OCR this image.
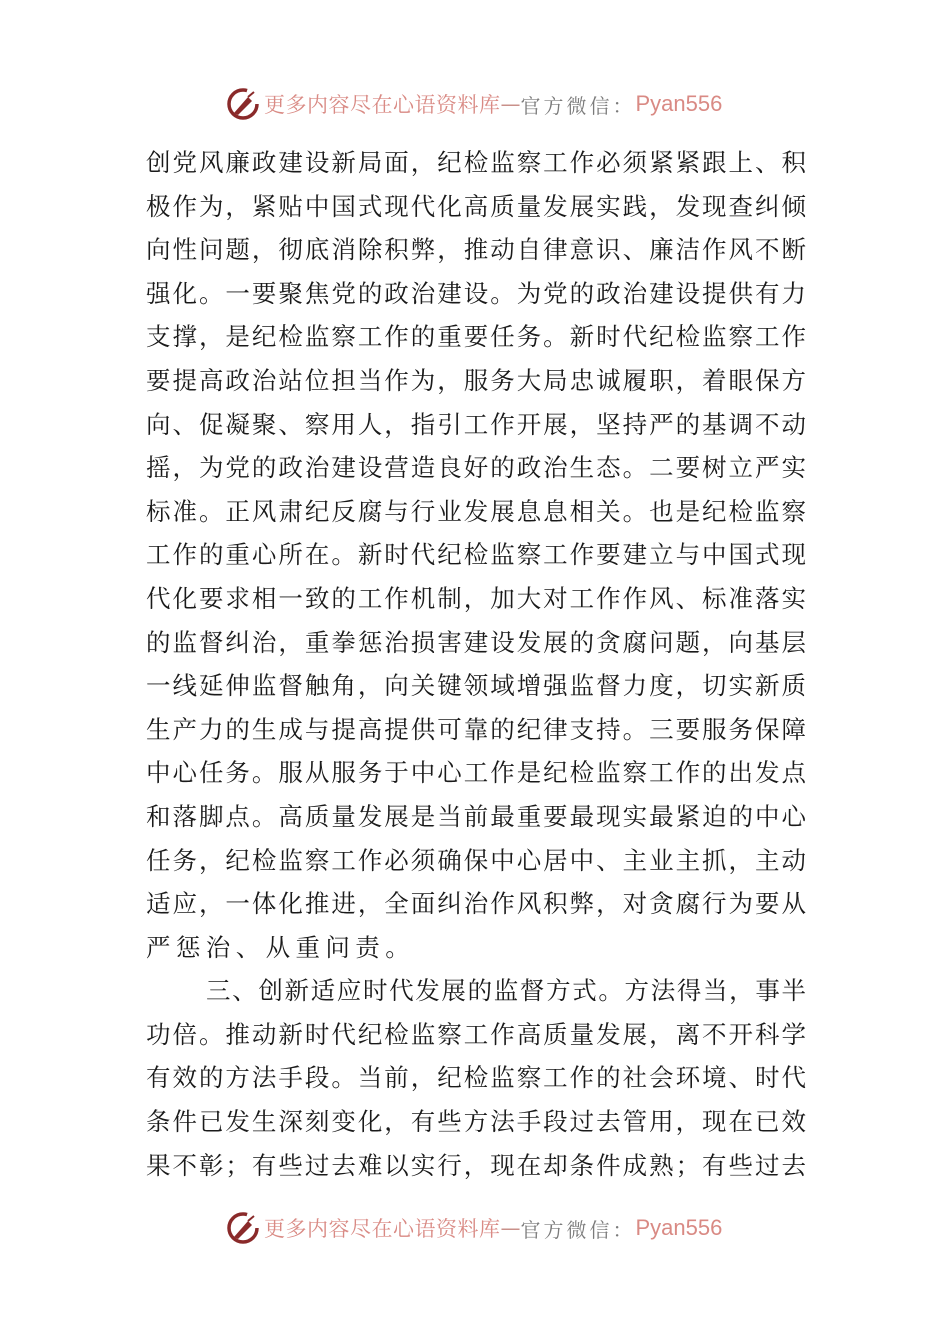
更多内容尽在心语资料库 — 官方微信： Pyan556
创党风廉政建设新局面，纪检监察工作必须紧紧跟上、积
极作为，紧贴中国式现代化高质量发展实践，发现查纠倾
向性问题，彻底消除积弊，推动自律意识、廉洁作风不断
强化。一要聚焦党的政治建设。为党的政治建设提供有力
支撑，是纪检监察工作的重要任务。新时代纪检监察工作
要提高政治站位担当作为，服务大局忠诚履职，着眼保方
向、促凝聚、察用人，指引工作开展，坚持严的基调不动
摇，为党的政治建设营造良好的政治生态。二要树立严实
标准。正风肃纪反腐与行业发展息息相关。也是纪检监察
工作的重心所在。新时代纪检监察工作要建立与中国式现
代化要求相一致的工作机制，加大对工作作风、标准落实
的监督纠治，重拳惩治损害建设发展的贪腐问题，向基层
一线延伸监督触角，向关键领域增强监督力度，切实新质
生产力的生成与提高提供可靠的纪律支持。三要服务保障
中心任务。服从服务于中心工作是纪检监察工作的出发点
和落脚点。高质量发展是当前最重要最现实最紧迫的中心
任务，纪检监察工作必须确保中心居中、主业主抓，主动
适应，一体化推进，全面纠治作风积弊，对贪腐行为要从
严惩治、从重问责。
三、创新适应时代发展的监督方式。方法得当，事半
功倍。推动新时代纪检监察工作高质量发展，离不开科学
有效的方法手段。当前，纪检监察工作的社会环境、时代
条件已发生深刻变化，有些方法手段过去管用，现在已效
果不彰；有些过去难以实行，现在却条件成熟；有些过去
更多内容尽在心语资料库 — 官方微信： Pyan556
